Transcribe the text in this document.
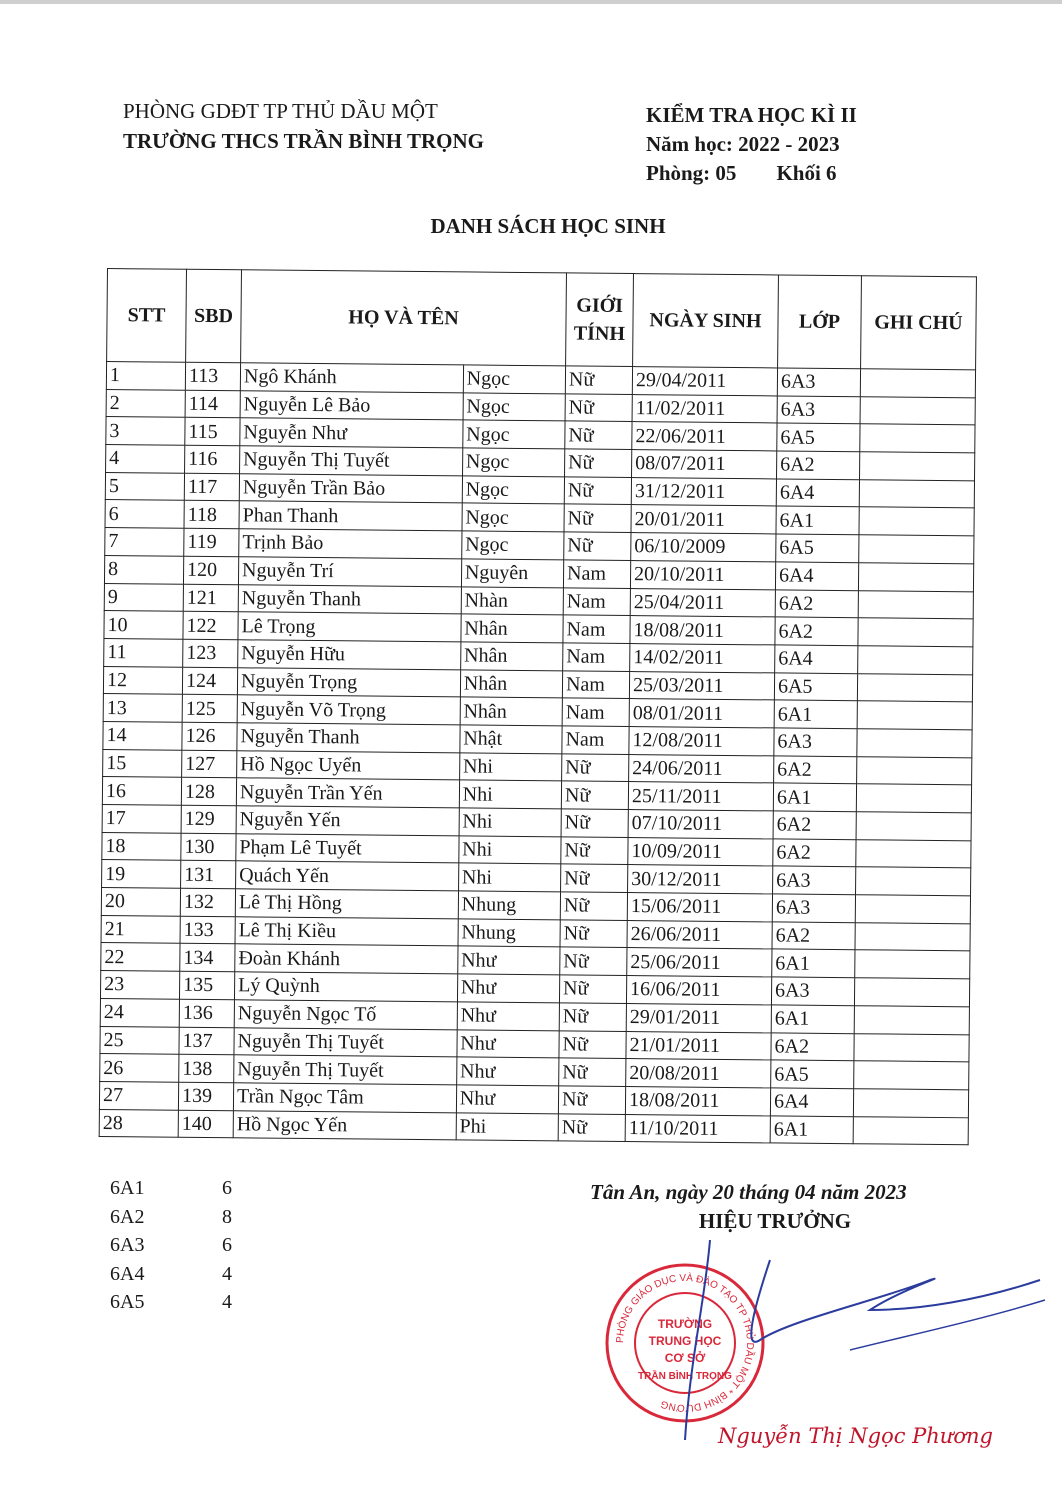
PHÒNG GDĐT TP THỦ DẦU MỘT
TRƯỜNG THCS TRẦN BÌNH TRỌNG
KIỂM TRA HỌC KÌ II
Năm học: 2022 - 2023
Phòng: 05 Khối 6
DANH SÁCH HỌC SINH
STT	SBD	HỌ VÀ TÊN		GIỚI TÍNH	NGÀY SINH	LỚP	GHI CHÚ
1	113	Ngô Khánh	Ngọc	Nữ	29/04/2011	6A3	
2	114	Nguyễn Lê Bảo	Ngọc	Nữ	11/02/2011	6A3	
3	115	Nguyễn Như	Ngọc	Nữ	22/06/2011	6A5	
4	116	Nguyễn Thị Tuyết	Ngọc	Nữ	08/07/2011	6A2	
5	117	Nguyễn Trần Bảo	Ngọc	Nữ	31/12/2011	6A4	
6	118	Phan Thanh	Ngọc	Nữ	20/01/2011	6A1	
7	119	Trịnh Bảo	Ngọc	Nữ	06/10/2009	6A5	
8	120	Nguyễn Trí	Nguyên	Nam	20/10/2011	6A4	
9	121	Nguyễn Thanh	Nhàn	Nam	25/04/2011	6A2	
10	122	Lê Trọng	Nhân	Nam	18/08/2011	6A2	
11	123	Nguyễn Hữu	Nhân	Nam	14/02/2011	6A4	
12	124	Nguyễn Trọng	Nhân	Nam	25/03/2011	6A5	
13	125	Nguyễn Võ Trọng	Nhân	Nam	08/01/2011	6A1	
14	126	Nguyễn Thanh	Nhật	Nam	12/08/2011	6A3	
15	127	Hồ Ngọc Uyển	Nhi	Nữ	24/06/2011	6A2	
16	128	Nguyễn Trần Yến	Nhi	Nữ	25/11/2011	6A1	
17	129	Nguyễn Yến	Nhi	Nữ	07/10/2011	6A2	
18	130	Phạm Lê Tuyết	Nhi	Nữ	10/09/2011	6A2	
19	131	Quách Yến	Nhi	Nữ	30/12/2011	6A3	
20	132	Lê Thị Hồng	Nhung	Nữ	15/06/2011	6A3	
21	133	Lê Thị Kiều	Nhung	Nữ	26/06/2011	6A2	
22	134	Đoàn Khánh	Như	Nữ	25/06/2011	6A1	
23	135	Lý Quỳnh	Như	Nữ	16/06/2011	6A3	
24	136	Nguyễn Ngọc Tố	Như	Nữ	29/01/2011	6A1	
25	137	Nguyễn Thị Tuyết	Như	Nữ	21/01/2011	6A2	
26	138	Nguyễn Thị Tuyết	Như	Nữ	20/08/2011	6A5	
27	139	Trần Ngọc Tâm	Như	Nữ	18/08/2011	6A4	
28	140	Hồ Ngọc Yến	Phi	Nữ	11/10/2011	6A1	
6A1	6
6A2	8
6A3	6
6A4	4
6A5	4
Tân An, ngày 20 tháng 04 năm 2023
HIỆU TRƯỞNG
PHÒNG GIÁO DỤC VÀ ĐÀO TẠO TP THỦ DẦU MỘT * BÌNH DƯƠNG
TRƯỜNG
TRUNG HỌC
CƠ SỞ
TRẦN BÌNH TRỌNG
Nguyễn Thị Ngọc Phương
